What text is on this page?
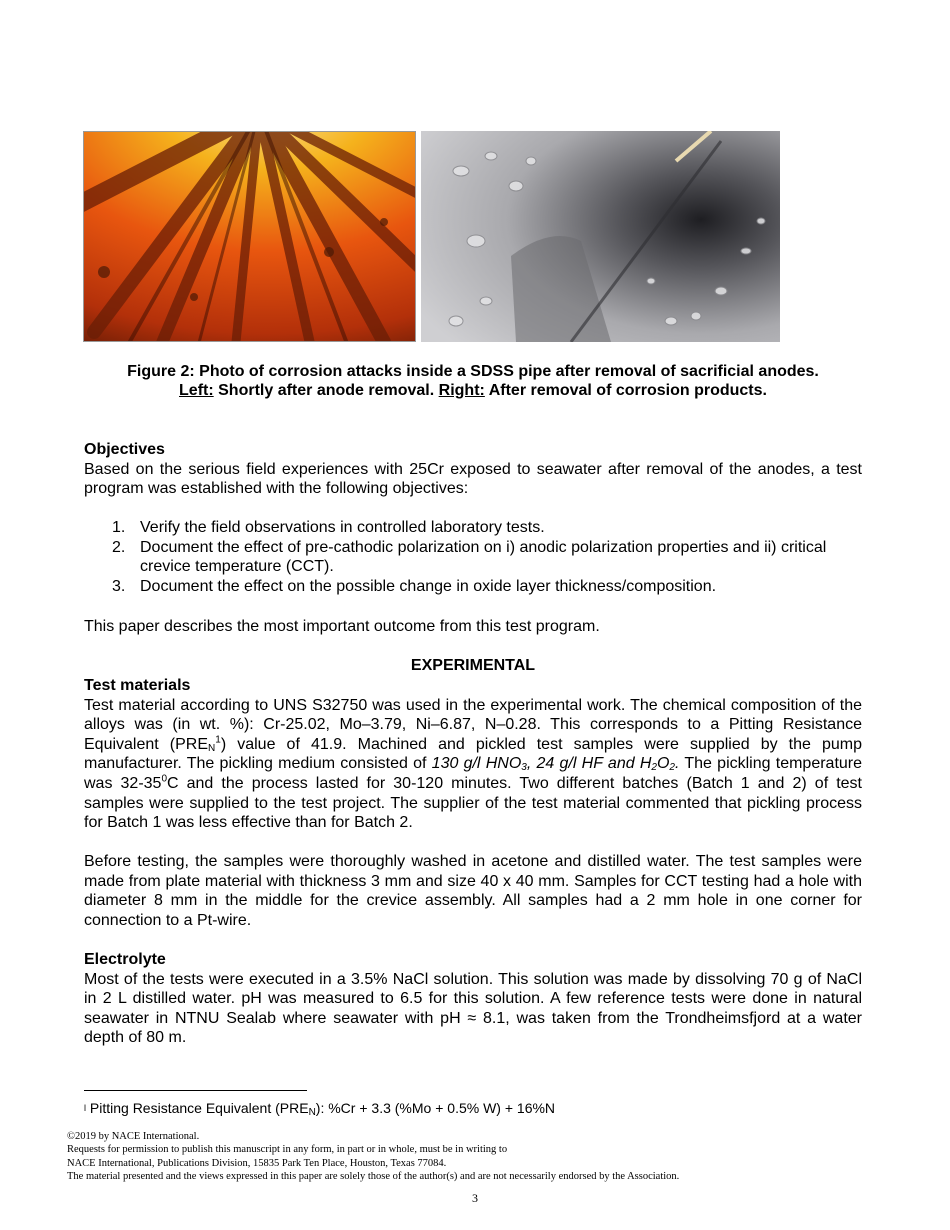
Figure 2: Photo of corrosion attacks inside a SDSS pipe after removal of sacrificial anodes.
Left: Shortly after anode removal. Right: After removal of corrosion products.
Objectives
Based on the serious field experiences with 25Cr exposed to seawater after removal of the anodes, a test program was established with the following objectives:
1. Verify the field observations in controlled laboratory tests.
2. Document the effect of pre-cathodic polarization on i) anodic polarization properties and ii) critical crevice temperature (CCT).
3. Document the effect on the possible change in oxide layer thickness/composition.
This paper describes the most important outcome from this test program.
EXPERIMENTAL
Test materials
Test material according to UNS S32750 was used in the experimental work. The chemical composition of the alloys was (in wt. %): Cr-25.02, Mo–3.79, Ni–6.87, N–0.28. This corresponds to a Pitting Resistance Equivalent $(PRE_N^1)$ value of 41.9. Machined and pickled test samples were supplied by the pump manufacturer. The pickling medium consisted of 130 g/l $HNO_3$, 24 g/l HF and $H_2O_2$. The pickling temperature was $32-35^0C$ and the process lasted for 30-120 minutes. Two different batches (Batch 1 and 2) of test samples were supplied to the test project. The supplier of the test material commented that pickling process for Batch 1 was less effective than for Batch 2.
Before testing, the samples were thoroughly washed in acetone and distilled water. The test samples were made from plate material with thickness 3 mm and size 40 x 40 mm. Samples for CCT testing had a hole with diameter 8 mm in the middle for the crevice assembly. All samples had a 2 mm hole in one corner for connection to a Pt-wire.
Electrolyte
Most of the tests were executed in a 3.5% NaCl solution. This solution was made by dissolving 70 g of NaCl in 2 L distilled water. pH was measured to 6.5 for this solution. A few reference tests were done in natural seawater in NTNU Sealab where seawater with pH ≈ 8.1, was taken from the Trondheimsfjord at a water depth of 80 m.
$^l$ Pitting Resistance Equivalent $(PRE_N)$: %Cr + 3.3 (%Mo + 0.5% W) + 16%N
©2019 by NACE International.
Requests for permission to publish this manuscript in any form, in part or in whole, must be in writing to
NACE International, Publications Division, 15835 Park Ten Place, Houston, Texas 77084.
The material presented and the views expressed in this paper are solely those of the author(s) and are not necessarily endorsed by the Association.
3
